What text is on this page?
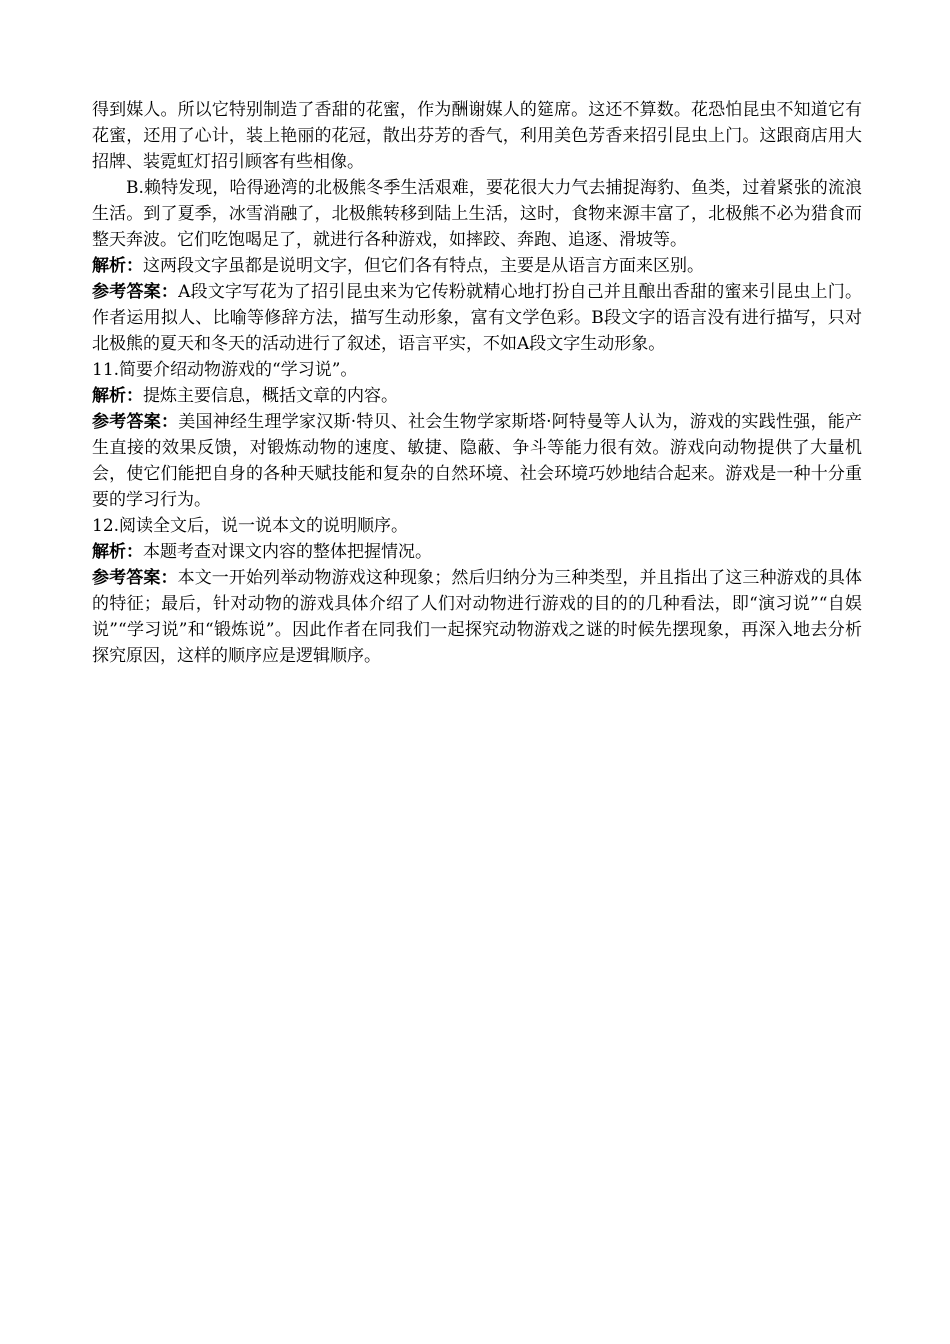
得到媒人。所以它特别制造了香甜的花蜜，作为酬谢媒人的筵席。这还不算数。花恐怕昆虫不知道它有花蜜，还用了心计，装上艳丽的花冠，散出芬芳的香气，利用美色芳香来招引昆虫上门。这跟商店用大招牌、装霓虹灯招引顾客有些相像。

B.赖特发现，哈得逊湾的北极熊冬季生活艰难，要花很大力气去捕捉海豹、鱼类，过着紧张的流浪生活。到了夏季，冰雪消融了，北极熊转移到陆上生活，这时，食物来源丰富了，北极熊不必为猎食而整天奔波。它们吃饱喝足了，就进行各种游戏，如摔跤、奔跑、追逐、滑坡等。

解析：这两段文字虽都是说明文字，但它们各有特点，主要是从语言方面来区别。

参考答案：A段文字写花为了招引昆虫来为它传粉就精心地打扮自己并且酿出香甜的蜜来引昆虫上门。作者运用拟人、比喻等修辞方法，描写生动形象，富有文学色彩。B段文字的语言没有进行描写，只对北极熊的夏天和冬天的活动进行了叙述，语言平实，不如A段文字生动形象。

11.简要介绍动物游戏的“学习说”。

解析：提炼主要信息，概括文章的内容。

参考答案：美国神经生理学家汉斯·特贝、社会生物学家斯塔·阿特曼等人认为，游戏的实践性强，能产生直接的效果反馈，对锻炼动物的速度、敏捷、隐蔽、争斗等能力很有效。游戏向动物提供了大量机会，使它们能把自身的各种天赋技能和复杂的自然环境、社会环境巧妙地结合起来。游戏是一种十分重要的学习行为。

12.阅读全文后，说一说本文的说明顺序。

解析：本题考查对课文内容的整体把握情况。

参考答案：本文一开始列举动物游戏这种现象；然后归纳分为三种类型，并且指出了这三种游戏的具体的特征；最后，针对动物的游戏具体介绍了人们对动物进行游戏的目的的几种看法，即“演习说”“自娱说”“学习说”和“锻炼说”。因此作者在同我们一起探究动物游戏之谜的时候先摆现象，再深入地去分析探究原因，这样的顺序应是逻辑顺序。
